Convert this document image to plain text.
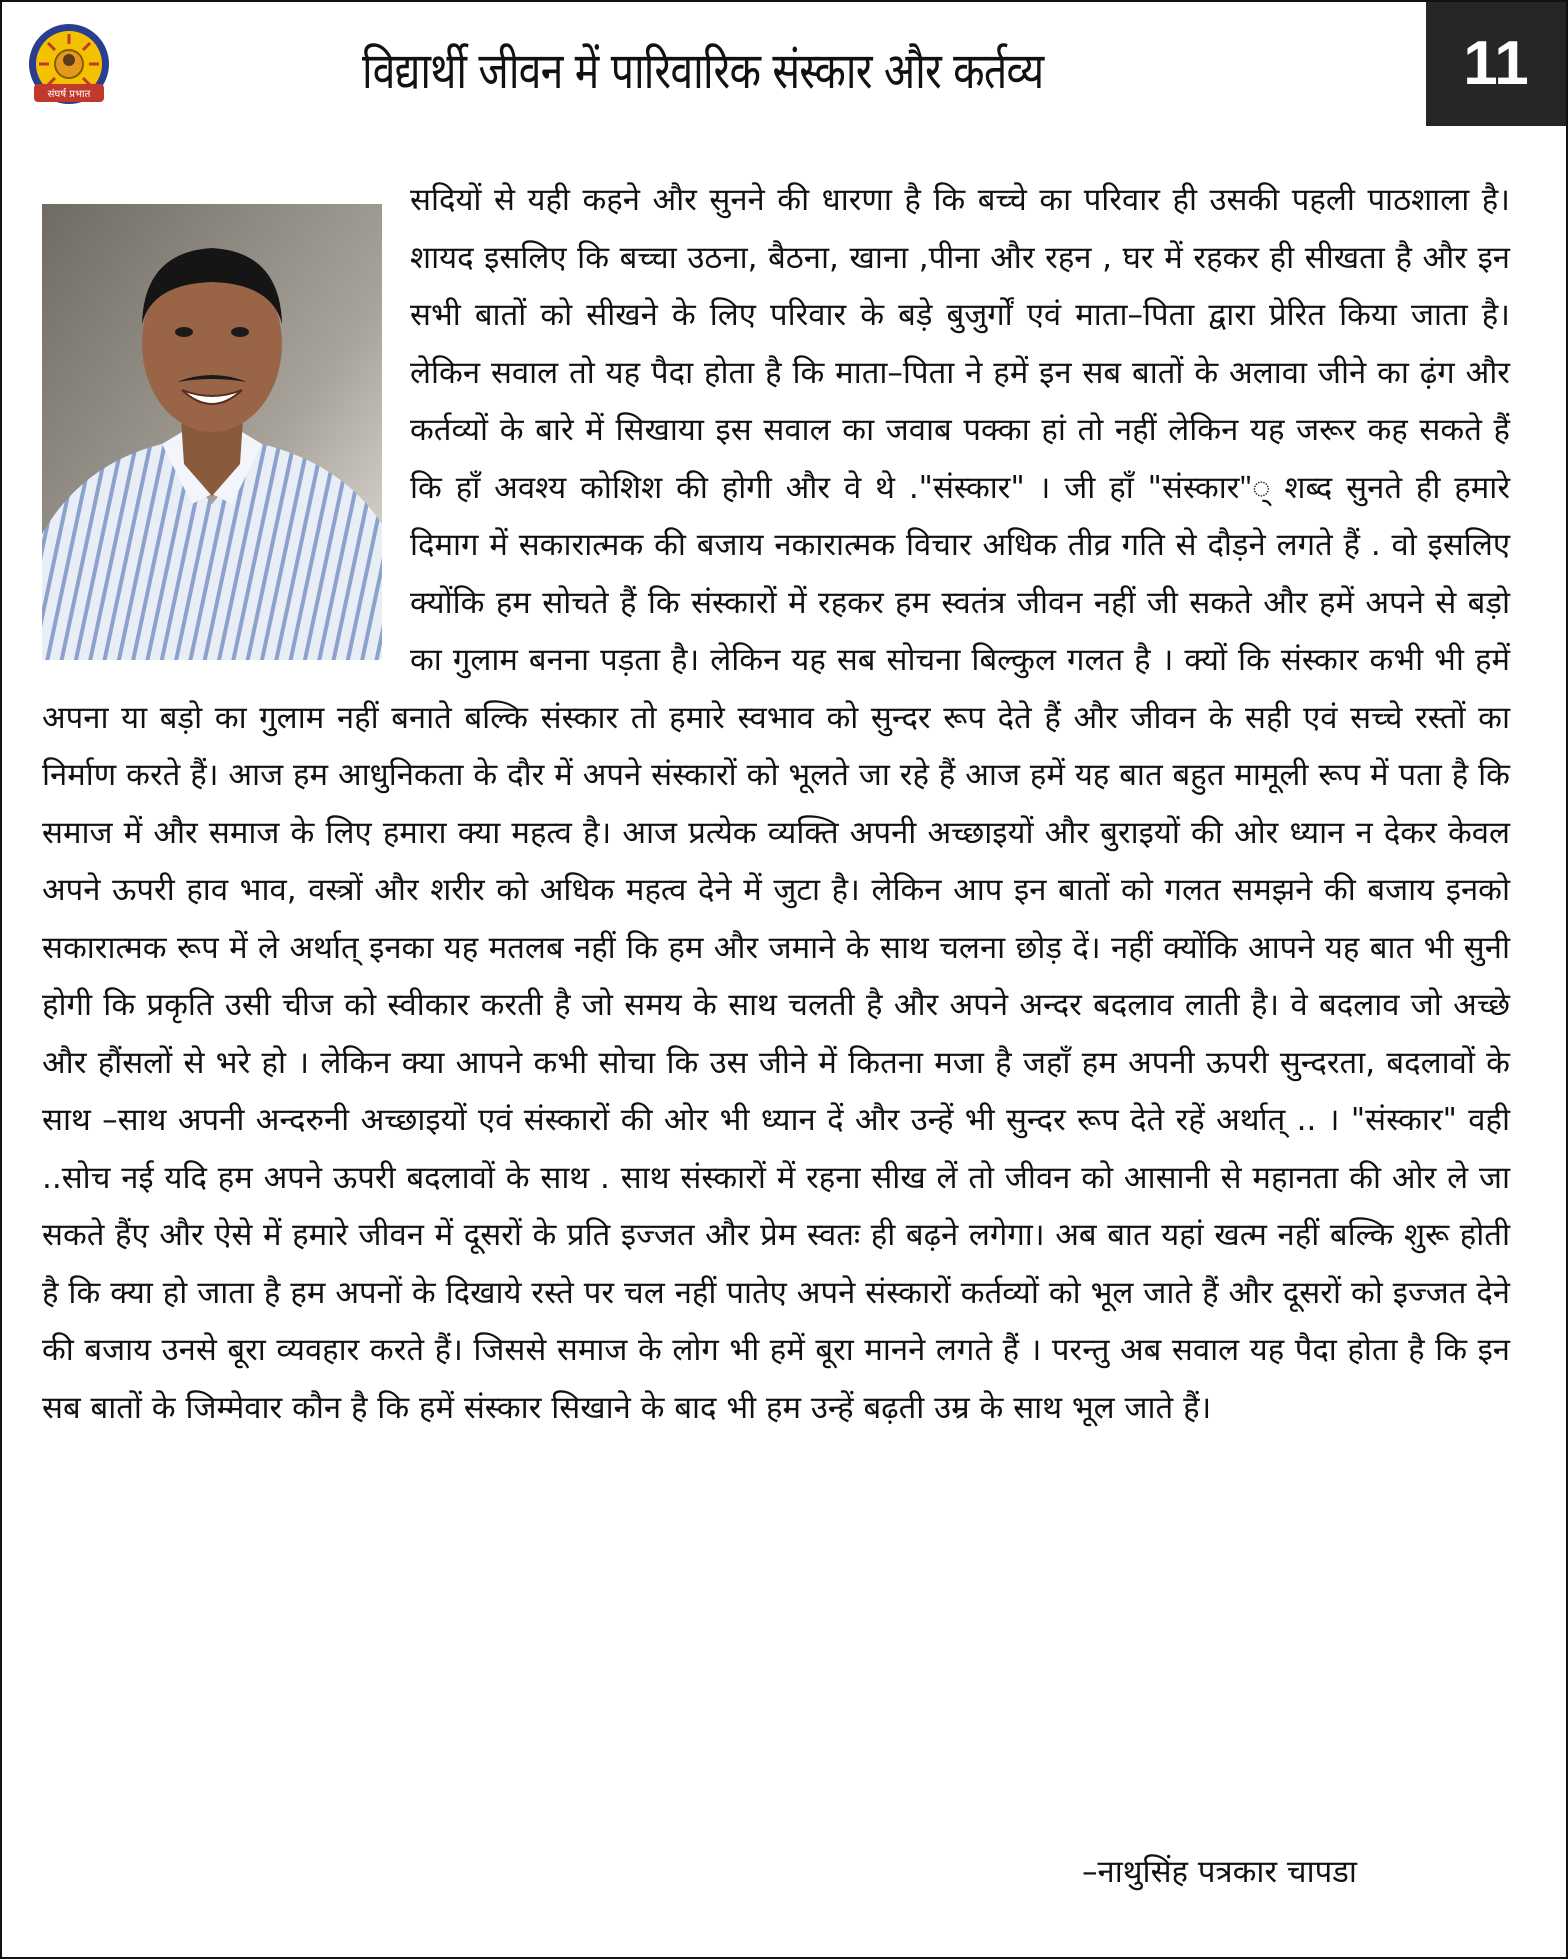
संघर्ष प्रभात	विद्यार्थी जीवन में पारिवारिक संस्कार और कर्तव्य	11
सदियों से यही कहने और सुनने की धारणा है कि बच्चे का परिवार ही उसकी पहली पाठशाला है। शायद इसलिए कि बच्चा उठना, बैठना, खाना ,पीना और रहन , घर में रहकर ही सीखता है और इन सभी बातों को सीखने के लिए परिवार के बड़े बुजुर्गों एवं माता–पिता द्वारा प्रेरित किया जाता है। लेकिन सवाल तो यह पैदा होता है कि माता–पिता ने हमें इन सब बातों के अलावा जीने का ढ़ंग और कर्तव्यों के बारे में सिखाया इस सवाल का जवाब पक्का हां तो नहीं लेकिन यह जरूर कह सकते हैं कि हाँ अवश्य कोशिश की होगी और वे थे ."संस्कार" । जी हाँ "संस्कार"् शब्द सुनते ही हमारे दिमाग में सकारात्मक की बजाय नकारात्मक विचार अधिक तीव्र गति से दौड़ने लगते हैं . वो इसलिए क्योंकि हम सोचते हैं कि संस्कारों में रहकर हम स्वतंत्र जीवन नहीं जी सकते और हमें अपने से बड़ो का गुलाम बनना पड़ता है। लेकिन यह सब सोचना बिल्कुल गलत है । क्यों कि संस्कार कभी भी हमें अपना या बड़ो का गुलाम नहीं बनाते बल्कि संस्कार तो हमारे स्वभाव को सुन्दर रूप देते हैं और जीवन के सही एवं सच्चे रस्तों का निर्माण करते हैं। आज हम आधुनिकता के दौर में अपने संस्कारों को भूलते जा रहे हैं आज हमें यह बात बहुत मामूली रूप में पता है कि समाज में और समाज के लिए हमारा क्या महत्व है। आज प्रत्येक व्यक्ति अपनी अच्छाइयों और बुराइयों की ओर ध्यान न देकर केवल अपने ऊपरी हाव भाव, वस्त्रों और शरीर को अधिक महत्व देने में जुटा है। लेकिन आप इन बातों को गलत समझने की बजाय इनको सकारात्मक रूप में ले अर्थात् इनका यह मतलब नहीं कि हम और जमाने के साथ चलना छोड़ दें। नहीं क्योंकि आपने यह बात भी सुनी होगी कि प्रकृति उसी चीज को स्वीकार करती है जो समय के साथ चलती है और अपने अन्दर बदलाव लाती है। वे बदलाव जो अच्छे और हौंसलों से भरे हो । लेकिन क्या आपने कभी सोचा कि उस जीने में कितना मजा है जहाँ हम अपनी ऊपरी सुन्दरता, बदलावों के साथ –साथ अपनी अन्दरुनी अच्छाइयों एवं संस्कारों की ओर भी ध्यान दें और उन्हें भी सुन्दर रूप देते रहें अर्थात् .. । "संस्कार" वही ..सोच नई यदि हम अपने ऊपरी बदलावों के साथ . साथ संस्कारों में रहना सीख लें तो जीवन को आसानी से महानता की ओर ले जा सकते हैंए और ऐसे में हमारे जीवन में दूसरों के प्रति इज्जत और प्रेम स्वतः ही बढ़ने लगेगा। अब बात यहां खत्म नहीं बल्कि शुरू होती है कि क्या हो जाता है हम अपनों के दिखाये रस्ते पर चल नहीं पातेए अपने संस्कारों कर्तव्यों को भूल जाते हैं और दूसरों को इज्जत देने की बजाय उनसे बूरा व्यवहार करते हैं। जिससे समाज के लोग भी हमें बूरा मानने लगते हैं । परन्तु अब सवाल यह पैदा होता है कि इन सब बातों के जिम्मेवार कौन है कि हमें संस्कार सिखाने के बाद भी हम उन्हें बढ़ती उम्र के साथ भूल जाते हैं।
–नाथुसिंह पत्रकार चापडा
